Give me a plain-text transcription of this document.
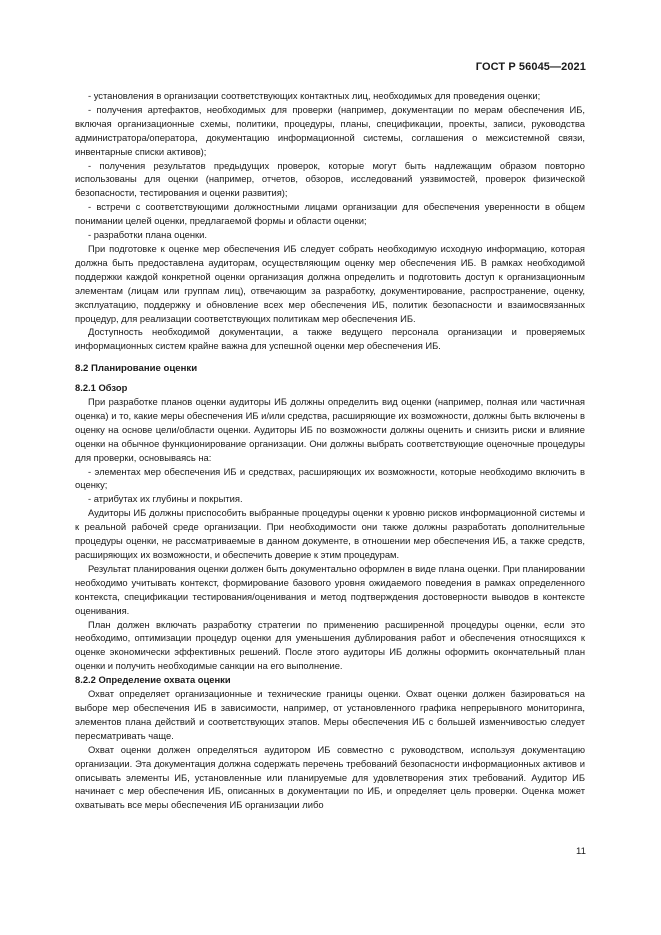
ГОСТ Р 56045—2021

- установления в организации соответствующих контактных лиц, необходимых для проведения оценки;

- получения артефактов, необходимых для проверки (например, документации по мерам обеспечения ИБ, включая организационные схемы, политики, процедуры, планы, спецификации, проекты, записи, руководства администратора/оператора, документацию информационной системы, соглашения о межсистемной связи, инвентарные списки активов);

- получения результатов предыдущих проверок, которые могут быть надлежащим образом повторно использованы для оценки (например, отчетов, обзоров, исследований уязвимостей, проверок физической безопасности, тестирования и оценки развития);

- встречи с соответствующими должностными лицами организации для обеспечения уверенности в общем понимании целей оценки, предлагаемой формы и области оценки;

- разработки плана оценки.

При подготовке к оценке мер обеспечения ИБ следует собрать необходимую исходную информацию, которая должна быть предоставлена аудиторам, осуществляющим оценку мер обеспечения ИБ. В рамках необходимой поддержки каждой конкретной оценки организация должна определить и подготовить доступ к организационным элементам (лицам или группам лиц), отвечающим за разработку, документирование, распространение, оценку, эксплуатацию, поддержку и обновление всех мер обеспечения ИБ, политик безопасности и взаимосвязанных процедур, для реализации соответствующих политикам мер обеспечения ИБ.

Доступность необходимой документации, а также ведущего персонала организации и проверяемых информационных систем крайне важна для успешной оценки мер обеспечения ИБ.

8.2 Планирование оценки
8.2.1 Обзор

При разработке планов оценки аудиторы ИБ должны определить вид оценки (например, полная или частичная оценка) и то, какие меры обеспечения ИБ и/или средства, расширяющие их возможности, должны быть включены в оценку на основе цели/области оценки. Аудиторы ИБ по возможности должны оценить и снизить риски и влияние оценки на обычное функционирование организации. Они должны выбрать соответствующие оценочные процедуры для проверки, основываясь на:

- элементах мер обеспечения ИБ и средствах, расширяющих их возможности, которые необходимо включить в оценку;

- атрибутах их глубины и покрытия.

Аудиторы ИБ должны приспособить выбранные процедуры оценки к уровню рисков информационной системы и к реальной рабочей среде организации. При необходимости они также должны разработать дополнительные процедуры оценки, не рассматриваемые в данном документе, в отношении мер обеспечения ИБ, а также средств, расширяющих их возможности, и обеспечить доверие к этим процедурам.

Результат планирования оценки должен быть документально оформлен в виде плана оценки. При планировании необходимо учитывать контекст, формирование базового уровня ожидаемого поведения в рамках определенного контекста, спецификации тестирования/оценивания и метод подтверждения достоверности выводов в контексте оценивания.

План должен включать разработку стратегии по применению расширенной процедуры оценки, если это необходимо, оптимизации процедур оценки для уменьшения дублирования работ и обеспечения относящихся к оценке экономически эффективных решений. После этого аудиторы ИБ должны оформить окончательный план оценки и получить необходимые санкции на его выполнение.

8.2.2 Определение охвата оценки

Охват определяет организационные и технические границы оценки. Охват оценки должен базироваться на выборе мер обеспечения ИБ в зависимости, например, от установленного графика непрерывного мониторинга, элементов плана действий и соответствующих этапов. Меры обеспечения ИБ с большей изменчивостью следует пересматривать чаще.

Охват оценки должен определяться аудитором ИБ совместно с руководством, используя документацию организации. Эта документация должна содержать перечень требований безопасности информационных активов и описывать элементы ИБ, установленные или планируемые для удовлетворения этих требований. Аудитор ИБ начинает с мер обеспечения ИБ, описанных в документации по ИБ, и определяет цель проверки. Оценка может охватывать все меры обеспечения ИБ организации либо

11
